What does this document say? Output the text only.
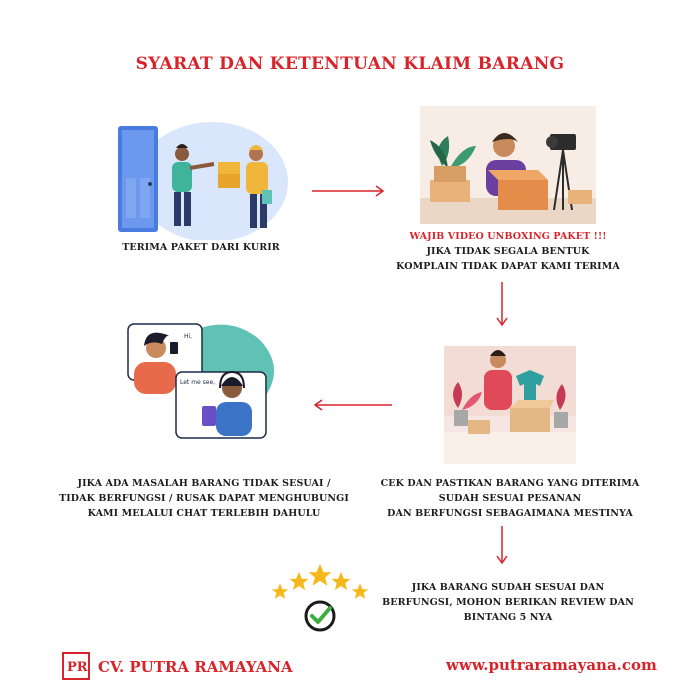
SYARAT DAN KETENTUAN KLAIM BARANG
TERIMA PAKET DARI KURIR
WAJIB VIDEO UNBOXING PAKET !!!
JIKA TIDAK SEGALA BENTUK
KOMPLAIN TIDAK DAPAT KAMI TERIMA
CEK DAN PASTIKAN BARANG YANG DITERIMA
SUDAH SESUAI PESANAN
DAN BERFUNGSI SEBAGAIMANA MESTINYA
Hi,
Let me see,
JIKA ADA MASALAH BARANG TIDAK SESUAI /
TIDAK BERFUNGSI / RUSAK DAPAT MENGHUBUNGI
KAMI MELALUI CHAT TERLEBIH DAHULU
JIKA BARANG SUDAH SESUAI DAN
BERFUNGSI, MOHON BERIKAN REVIEW DAN
BINTANG 5 NYA
PR CV. PUTRA RAMAYANA	www.putraramayana.com
